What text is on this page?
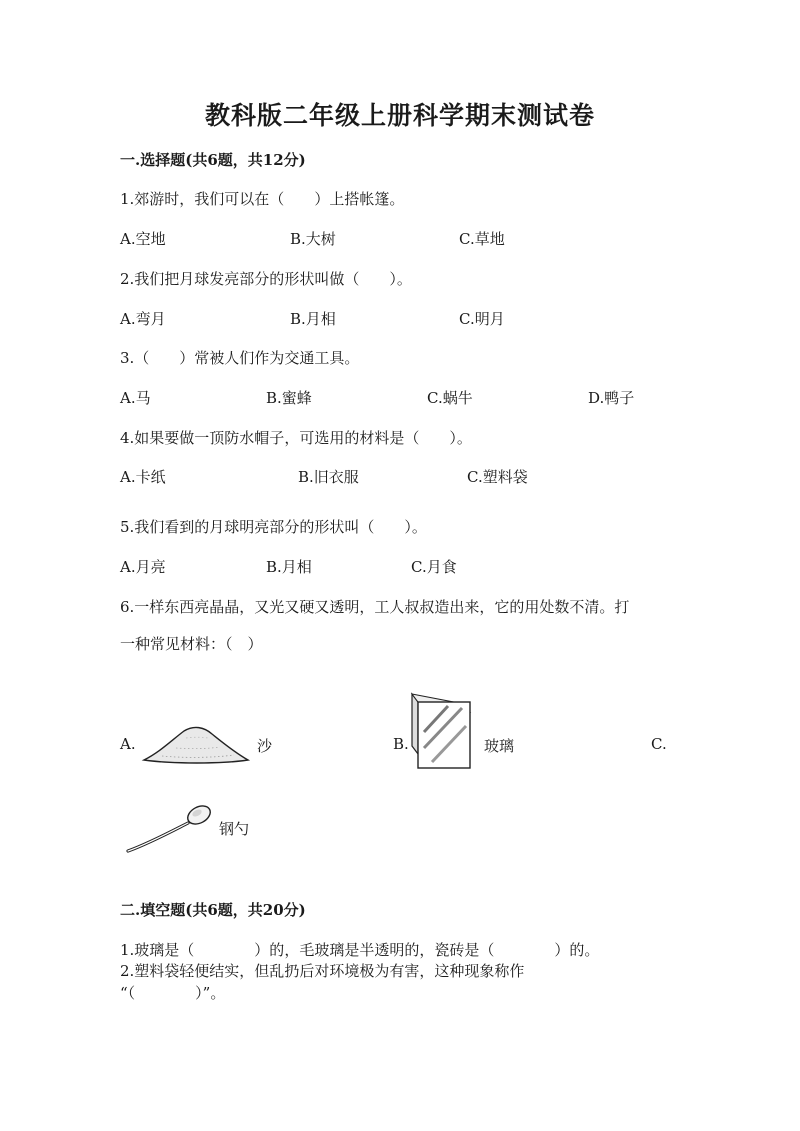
教科版二年级上册科学期末测试卷
一.选择题(共6题，共12分)
1.郊游时，我们可以在（　　）上搭帐篷。
A.空地	B.大树	C.草地
2.我们把月球发亮部分的形状叫做（　　）。
A.弯月	B.月相	C.明月
3.（　　）常被人们作为交通工具。
A.马	B.蜜蜂	C.蜗牛	D.鸭子
4.如果要做一顶防水帽子，可选用的材料是（　　）。
A.卡纸	B.旧衣服	C.塑料袋
5.我们看到的月球明亮部分的形状叫（　　）。
A.月亮	B.月相	C.月食
6.一样东西亮晶晶，又光又硬又透明，工人叔叔造出来，它的用处数不清。打
一种常见材料：（　）
A.	沙	B.	玻璃	C.
钢勺
二.填空题(共6题，共20分)
1.玻璃是（　　　　）的，毛玻璃是半透明的，瓷砖是（　　　　）的。
2.塑料袋轻便结实，但乱扔后对环境极为有害，这种现象称作
“（　　　　）”。
